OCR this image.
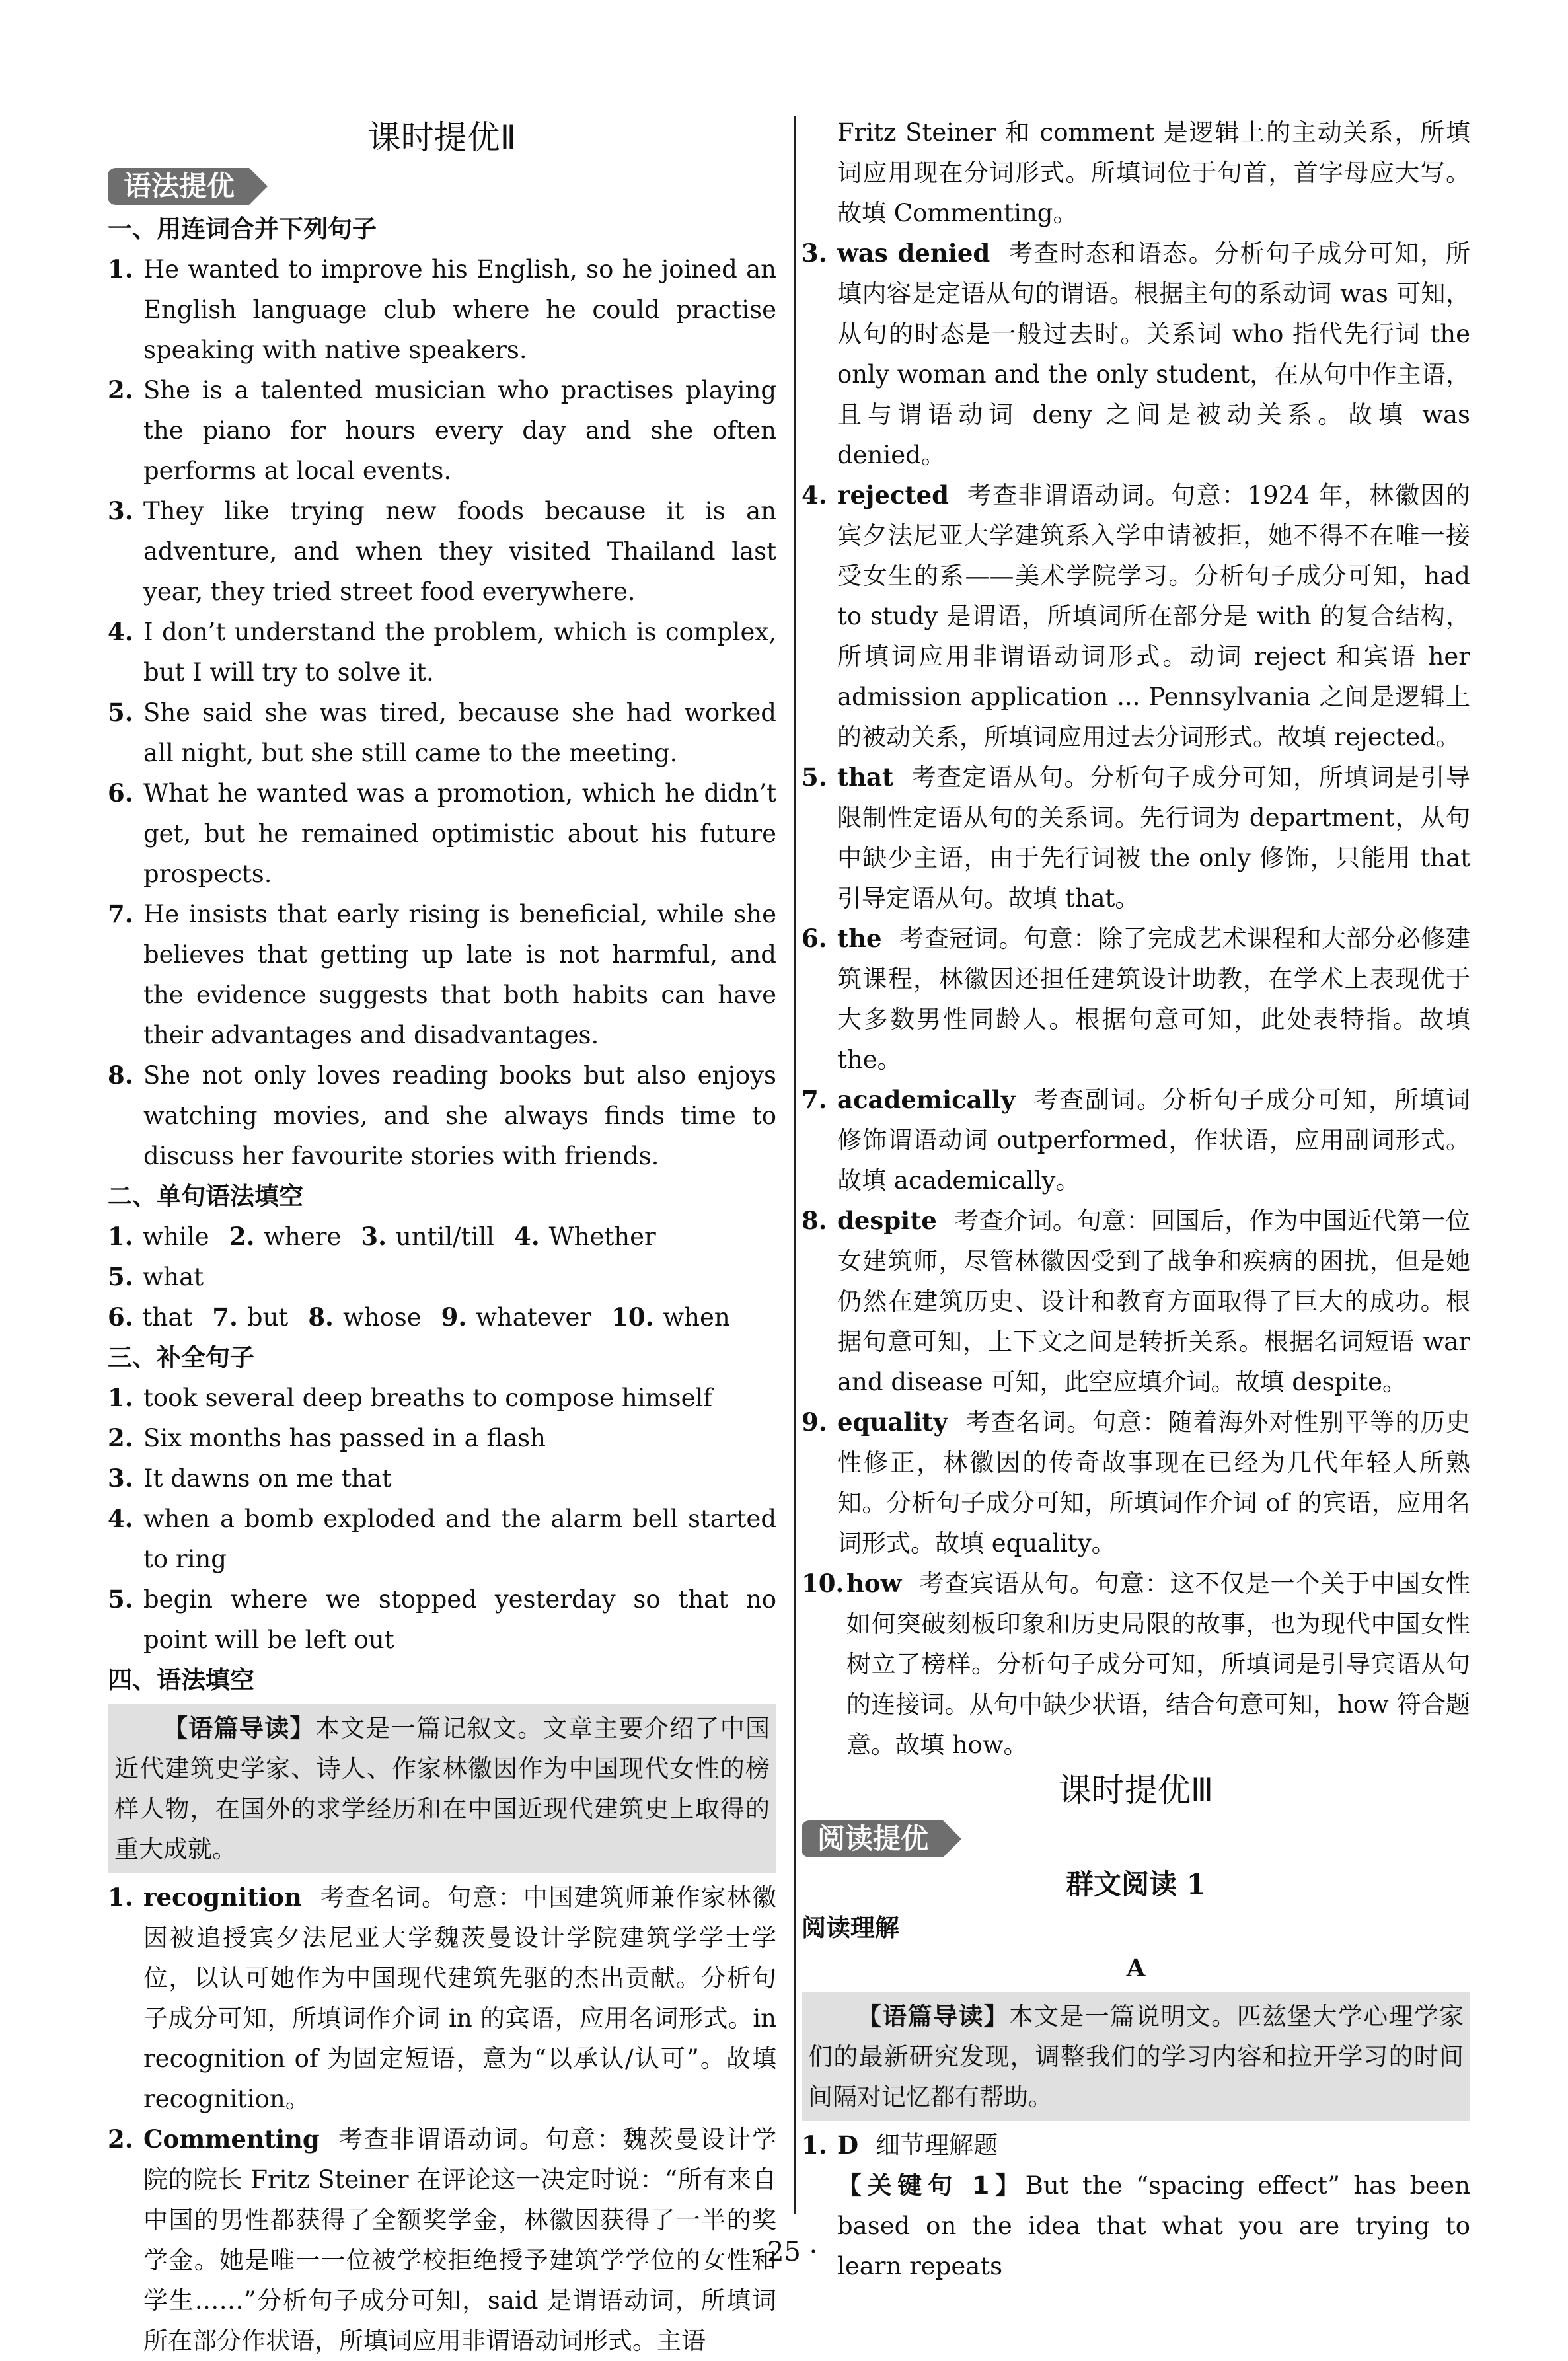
课时提优Ⅱ
语法提优
一、用连词合并下列句子
1. He wanted to improve his English, so he joined an English language club where he could practise speaking with native speakers.
2. She is a talented musician who practises playing the piano for hours every day and she often performs at local events.
3. They like trying new foods because it is an adventure, and when they visited Thailand last year, they tried street food everywhere.
4. I don’t understand the problem, which is complex, but I will try to solve it.
5. She said she was tired, because she had worked all night, but she still came to the meeting.
6. What he wanted was a promotion, which he didn’t get, but he remained optimistic about his future prospects.
7. He insists that early rising is beneficial, while she believes that getting up late is not harmful, and the evidence suggests that both habits can have their advantages and disadvantages.
8. She not only loves reading books but also enjoys watching movies, and she always finds time to discuss her favourite stories with friends.
二、单句语法填空
1. while 2. where 3. until/till 4. Whether
5. what
6. that 7. but 8. whose 9. whatever 10. when
三、补全句子
1. took several deep breaths to compose himself
2. Six months has passed in a flash
3. It dawns on me that
4. when a bomb exploded and the alarm bell started to ring
5. begin where we stopped yesterday so that no point will be left out
四、语法填空
【语篇导读】本文是一篇记叙文。文章主要介绍了中国近代建筑史学家、诗人、作家林徽因作为中国现代女性的榜样人物，在国外的求学经历和在中国近现代建筑史上取得的重大成就。
1. recognition 考查名词。句意：中国建筑师兼作家林徽因被追授宾夕法尼亚大学魏茨曼设计学院建筑学学士学位，以认可她作为中国现代建筑先驱的杰出贡献。分析句子成分可知，所填词作介词 in 的宾语，应用名词形式。in recognition of 为固定短语，意为“以承认/认可”。故填 recognition。
2. Commenting 考查非谓语动词。句意：魏茨曼设计学院的院长 Fritz Steiner 在评论这一决定时说：“所有来自中国的男性都获得了全额奖学金，林徽因获得了一半的奖学金。她是唯一一位被学校拒绝授予建筑学学位的女性和学生……”分析句子成分可知，said 是谓语动词，所填词所在部分作状语，所填词应用非谓语动词形式。主语
Fritz Steiner 和 comment 是逻辑上的主动关系，所填词应用现在分词形式。所填词位于句首，首字母应大写。故填 Commenting。
3. was denied 考查时态和语态。分析句子成分可知，所填内容是定语从句的谓语。根据主句的系动词 was 可知，从句的时态是一般过去时。关系词 who 指代先行词 the only woman and the only student，在从句中作主语，且与谓语动词 deny 之间是被动关系。故填 was denied。
4. rejected 考查非谓语动词。句意：1924 年，林徽因的宾夕法尼亚大学建筑系入学申请被拒，她不得不在唯一接受女生的系——美术学院学习。分析句子成分可知，had to study 是谓语，所填词所在部分是 with 的复合结构，所填词应用非谓语动词形式。动词 reject 和宾语 her admission application ... Pennsylvania 之间是逻辑上的被动关系，所填词应用过去分词形式。故填 rejected。
5. that 考查定语从句。分析句子成分可知，所填词是引导限制性定语从句的关系词。先行词为 department，从句中缺少主语，由于先行词被 the only 修饰，只能用 that 引导定语从句。故填 that。
6. the 考查冠词。句意：除了完成艺术课程和大部分必修建筑课程，林徽因还担任建筑设计助教，在学术上表现优于大多数男性同龄人。根据句意可知，此处表特指。故填 the。
7. academically 考查副词。分析句子成分可知，所填词修饰谓语动词 outperformed，作状语，应用副词形式。故填 academically。
8. despite 考查介词。句意：回国后，作为中国近代第一位女建筑师，尽管林徽因受到了战争和疾病的困扰，但是她仍然在建筑历史、设计和教育方面取得了巨大的成功。根据句意可知，上下文之间是转折关系。根据名词短语 war and disease 可知，此空应填介词。故填 despite。
9. equality 考查名词。句意：随着海外对性别平等的历史性修正，林徽因的传奇故事现在已经为几代年轻人所熟知。分析句子成分可知，所填词作介词 of 的宾语，应用名词形式。故填 equality。
10. how 考查宾语从句。句意：这不仅是一个关于中国女性如何突破刻板印象和历史局限的故事，也为现代中国女性树立了榜样。分析句子成分可知，所填词是引导宾语从句的连接词。从句中缺少状语，结合句意可知，how 符合题意。故填 how。
课时提优Ⅲ
阅读提优
群文阅读 1
阅读理解
A
【语篇导读】本文是一篇说明文。匹兹堡大学心理学家们的最新研究发现，调整我们的学习内容和拉开学习的时间间隔对记忆都有帮助。
1. D 细节理解题
【关键句 1】But the “spacing effect” has been based on the idea that what you are trying to learn repeats
· 25 ·
